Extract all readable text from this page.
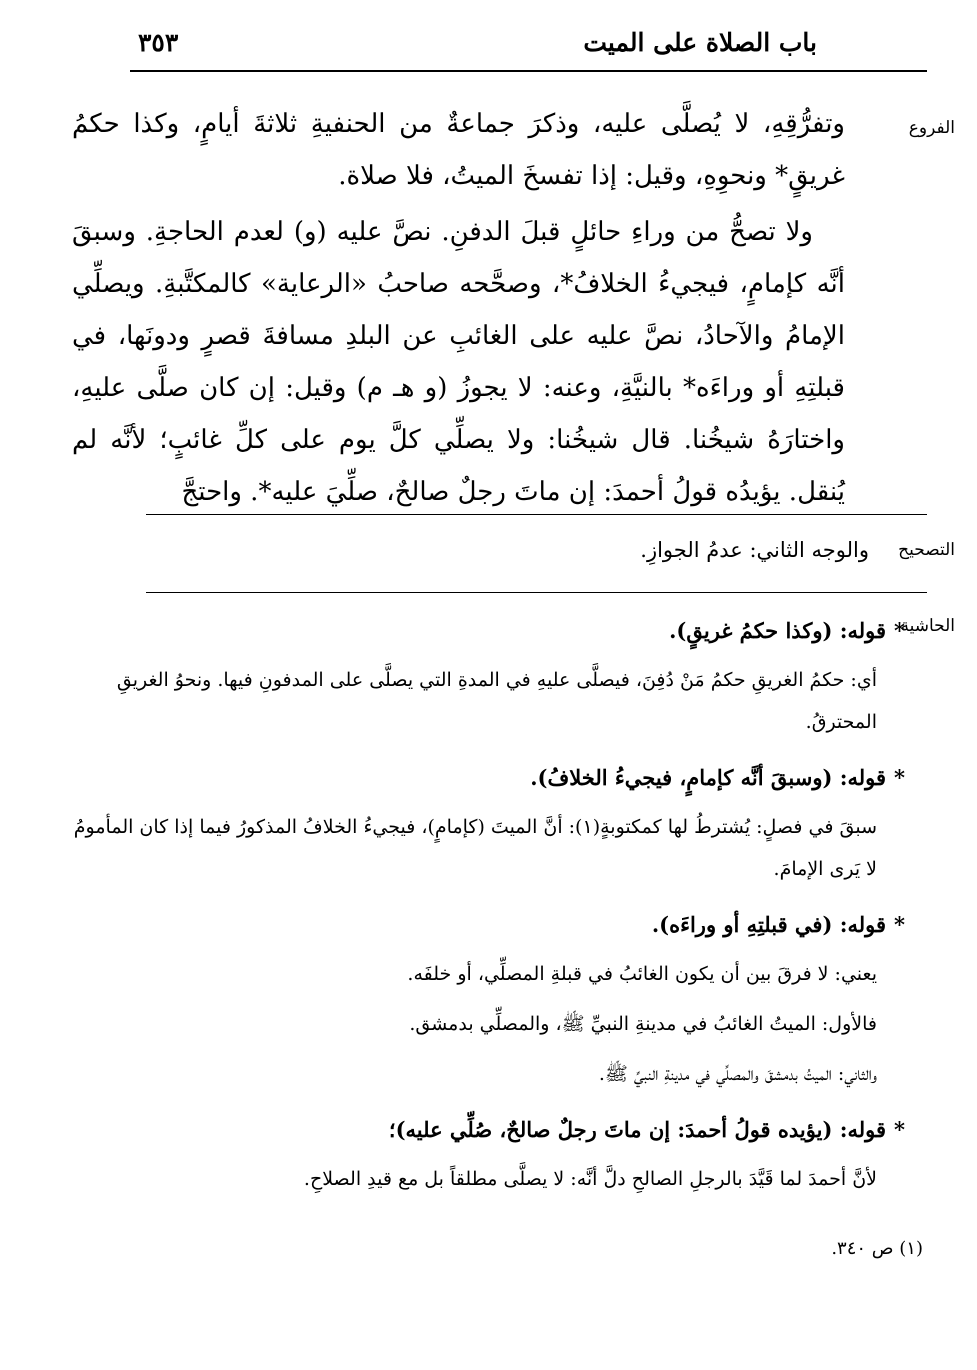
باب الصلاة على الميت
٣٥٣
الفروع

وتفرُّقِهِ، لا يُصلَّى عليه، وذكرَ جماعةٌ من الحنفيةِ ثلاثةَ أيامٍ، وكذا حكمُ غريقٍ* ونحوِهِ، وقيل: إذا تفسخَ الميتُ، فلا صلاة.

ولا تصحُّ من وراءِ حائلٍ قبلَ الدفنِ. نصَّ عليه (و) لعدم الحاجةِ. وسبقَ أنَّه كإمامٍ، فيجيءُ الخلافُ*، وصحَّحه صاحبُ «الرعاية» كالمكتَّبةِ. ويصلِّي الإمامُ والآحادُ، نصَّ عليه على الغائبِ عن البلدِ مسافةَ قصرٍ ودونَها، في قبلتِهِ أو وراءَه* بالنيَّةِ، وعنه: لا يجوزُ (و هـ م) وقيل: إن كان صلَّى عليهِ، واختارَهُ شيخُنا. قال شيخُنا: ولا يصلِّي كلَّ يوم على كلِّ غائبٍ؛ لأنَّه لم يُنقل. يؤيدُه قولُ أحمدَ: إن ماتَ رجلٌ صالحٌ، صلِّيَ عليه*. واحتجَّ

التصحيح
والوجه الثاني: عدمُ الجوازِ.
الحاشية
*قوله: (وكذا حكمُ غريقٍ).
أي: حكمُ الغريقِ حكمُ مَنْ دُفِنَ، فيصلَّى عليهِ في المدةِ التي يصلَّى على المدفونِ فيها. ونحوُ الغريقِ المحترقُ.
*قوله: (وسبقَ أنَّه كإمامٍ، فيجيءُ الخلافُ).
سبقَ في فصلٍ: يُشترطُ لها كمكتوبةٍ(١): أنَّ الميتَ (كإمامٍ)، فيجيءُ الخلافُ المذكورُ فيما إذا كان المأمومُ لا يَرى الإمامَ.
*قوله: (في قبلتِهِ أو وراءَه).
يعني: لا فرقَ بين أن يكون الغائبُ في قبلةِ المصلِّي، أو خلفَه.
فالأول: الميتُ الغائبُ في مدينةِ النبيِّ ﷺ، والمصلِّي بدمشق.
والثاني: الميتُ بدمشقَ والمصلِّي في مدينةِ النبيِّ ﷺ.
*قوله: (يؤيده قولُ أحمدَ: إن ماتَ رجلٌ صالحٌ، صُلِّي عليه)؛
لأنَّ أحمدَ لما قَيَّدَ بالرجلِ الصالحِ دلَّ أنَّه: لا يصلَّى مطلقاً بل مع قيدِ الصلاحِ.
(١) ص ٣٤٠.
